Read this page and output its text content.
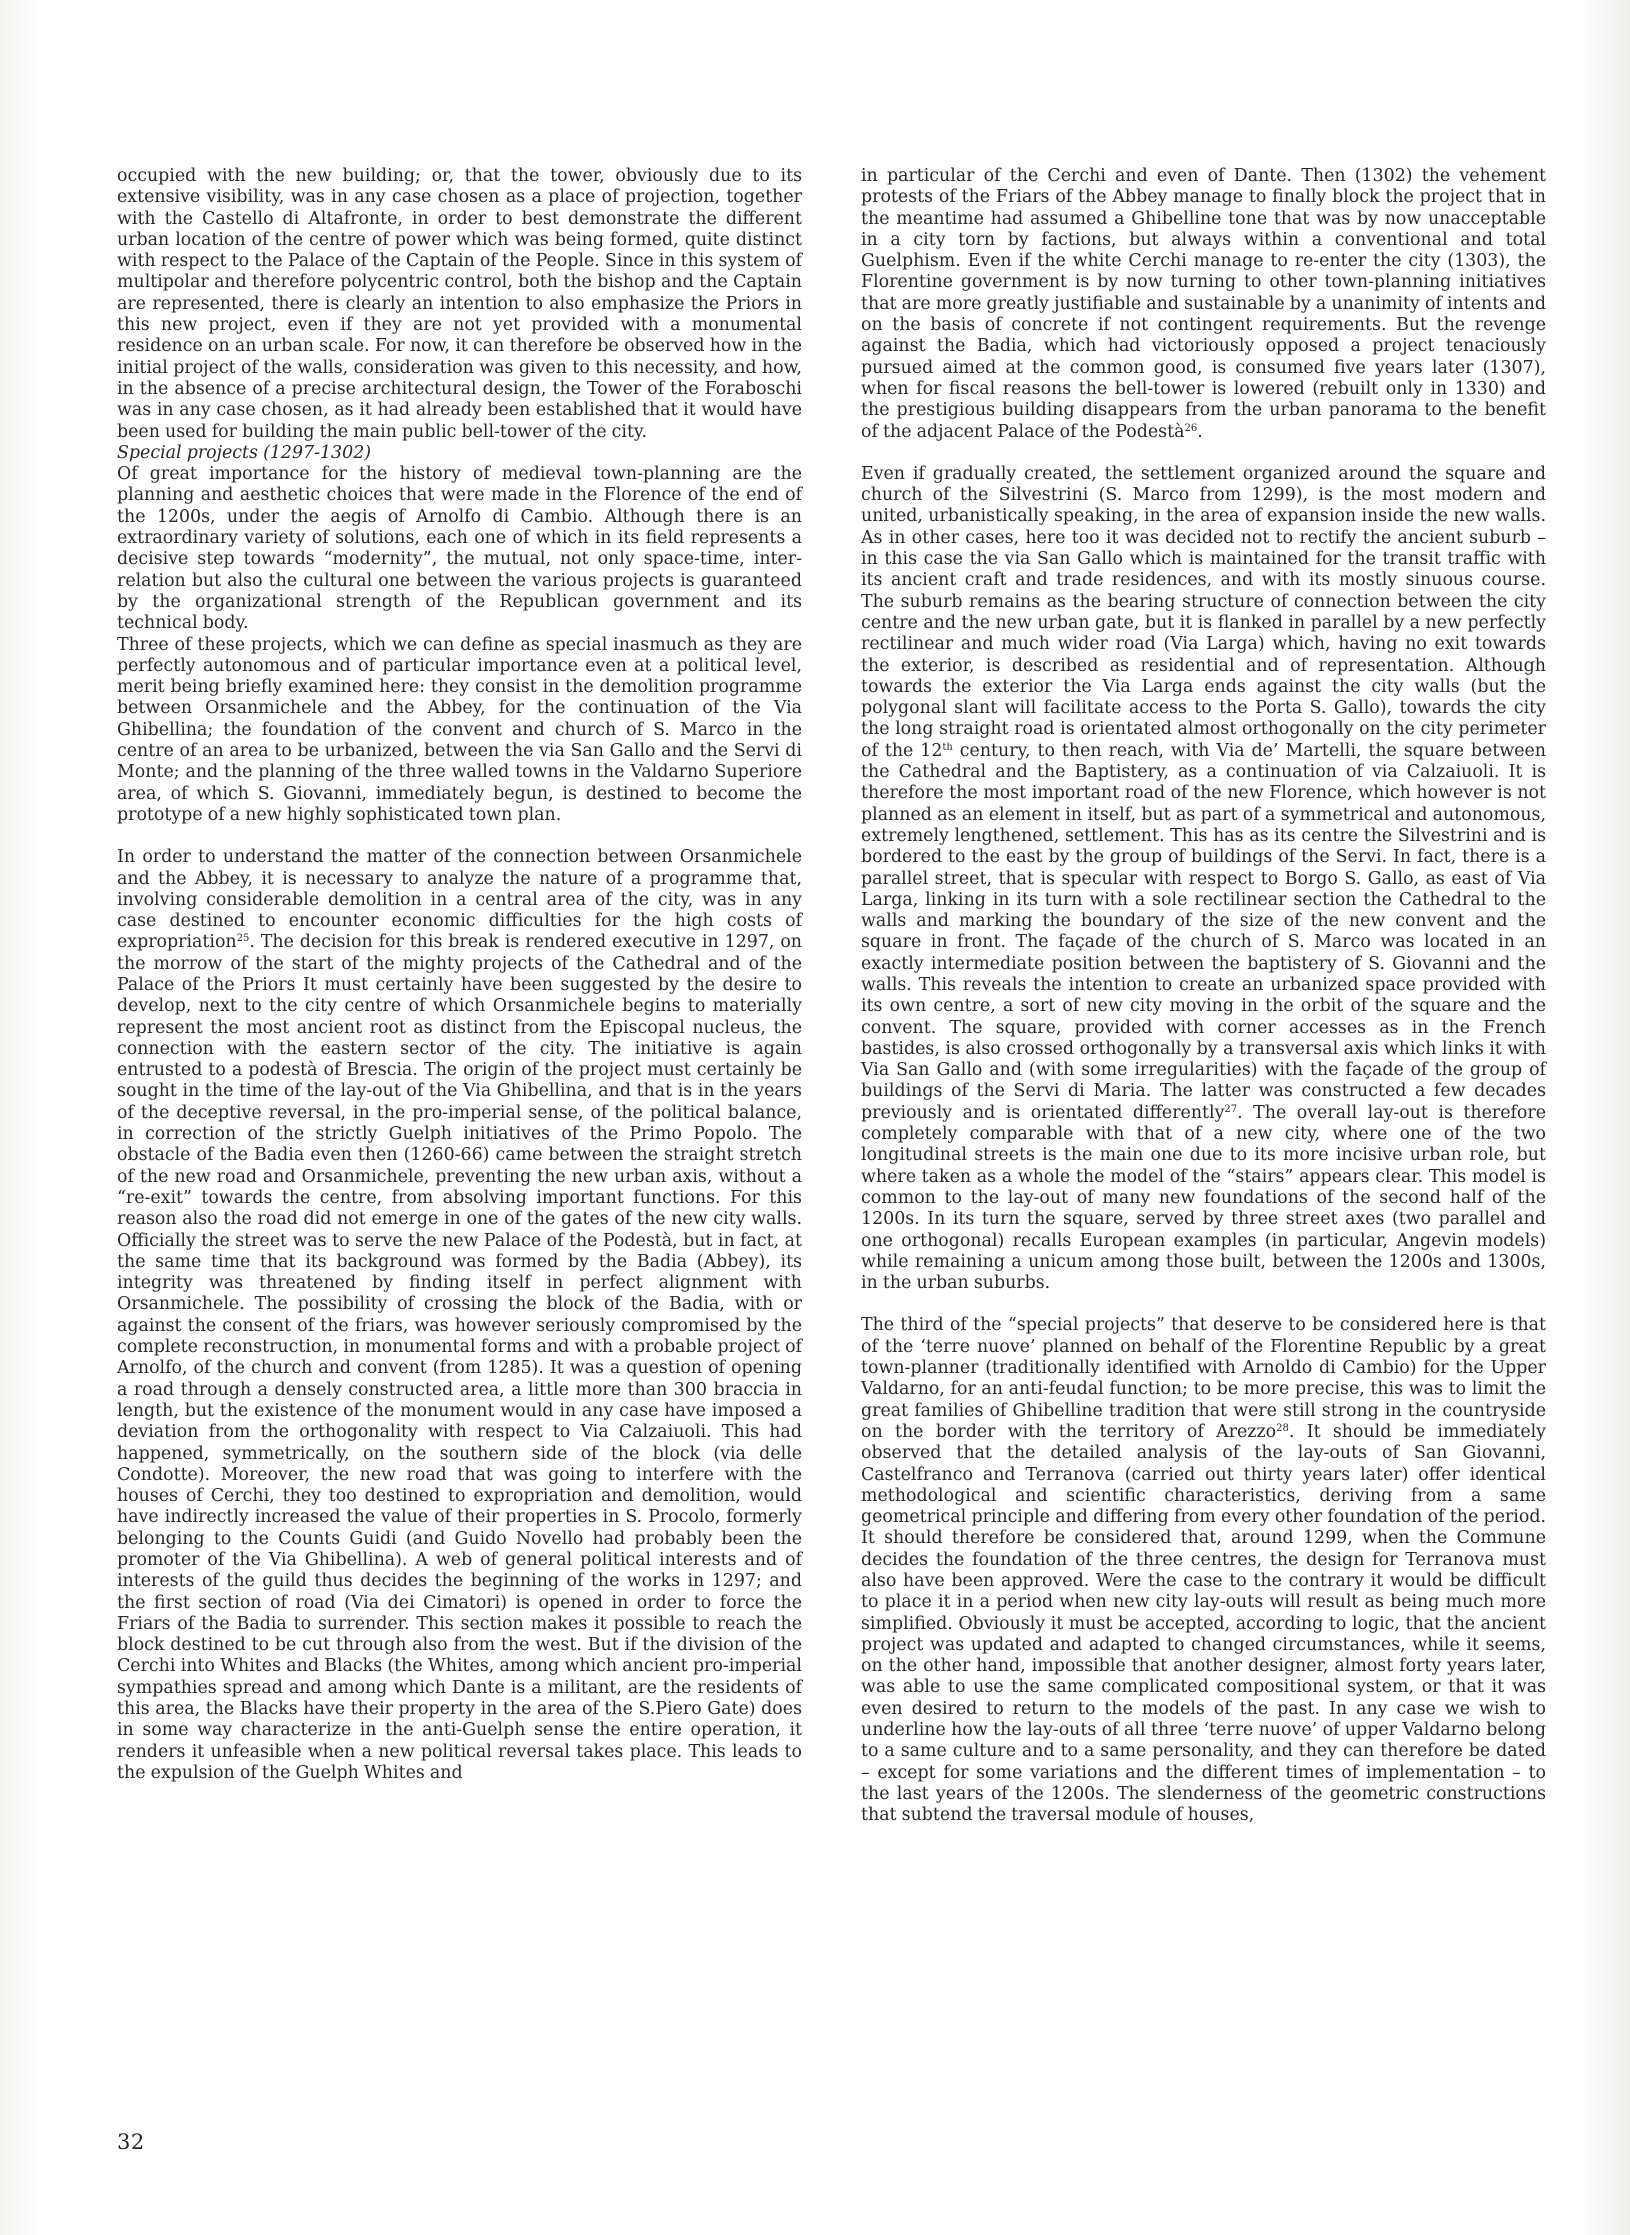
occupied with the new building; or, that the tower, obviously due to its extensive visibility, was in any case chosen as a place of projection, together with the Castello di Altafronte, in order to best demonstrate the different urban location of the centre of power which was being formed, quite distinct with respect to the Palace of the Captain of the People. Since in this system of multipolar and therefore polycentric control, both the bishop and the Captain are represented, there is clearly an intention to also emphasize the Priors in this new project, even if they are not yet provided with a monumental residence on an urban scale. For now, it can therefore be observed how in the initial project of the walls, consideration was given to this necessity, and how, in the absence of a precise architectural design, the Tower of the Foraboschi was in any case chosen, as it had already been established that it would have been used for building the main public bell-tower of the city.

Special projects (1297-1302)

Of great importance for the history of medieval town-planning are the planning and aesthetic choices that were made in the Florence of the end of the 1200s, under the aegis of Arnolfo di Cambio. Although there is an extraordinary variety of solutions, each one of which in its field represents a decisive step towards “modernity”, the mutual, not only space-time, inter-relation but also the cultural one between the various projects is guaranteed by the organizational strength of the Republican government and its technical body.

Three of these projects, which we can define as special inasmuch as they are perfectly autonomous and of particular importance even at a political level, merit being briefly examined here: they consist in the demolition programme between Orsanmichele and the Abbey, for the continuation of the Via Ghibellina; the foundation of the convent and church of S. Marco in the centre of an area to be urbanized, between the via San Gallo and the Servi di Monte; and the planning of the three walled towns in the Valdarno Superiore area, of which S. Giovanni, immediately begun, is destined to become the prototype of a new highly sophisticated town plan.

In order to understand the matter of the connection between Orsanmichele and the Abbey, it is necessary to analyze the nature of a programme that, involving considerable demolition in a central area of the city, was in any case destined to encounter economic difficulties for the high costs of expropriation$^{25}$. The decision for this break is rendered executive in 1297, on the morrow of the start of the mighty projects of the Cathedral and of the Palace of the Priors It must certainly have been suggested by the desire to develop, next to the city centre of which Orsanmichele begins to materially represent the most ancient root as distinct from the Episcopal nucleus, the connection with the eastern sector of the city. The initiative is again entrusted to a podestà of Brescia. The origin of the project must certainly be sought in the time of the lay-out of the Via Ghibellina, and that is in the years of the deceptive reversal, in the pro-imperial sense, of the political balance, in correction of the strictly Guelph initiatives of the Primo Popolo. The obstacle of the Badia even then (1260-66) came between the straight stretch of the new road and Orsanmichele, preventing the new urban axis, without a “re-exit” towards the centre, from absolving important functions. For this reason also the road did not emerge in one of the gates of the new city walls. Officially the street was to serve the new Palace of the Podestà, but in fact, at the same time that its background was formed by the Badia (Abbey), its integrity was threatened by finding itself in perfect alignment with Orsanmichele. The possibility of crossing the block of the Badia, with or against the consent of the friars, was however seriously compromised by the complete reconstruction, in monumental forms and with a probable project of Arnolfo, of the church and convent (from 1285). It was a question of opening a road through a densely constructed area, a little more than 300 braccia in length, but the existence of the monument would in any case have imposed a deviation from the orthogonality with respect to Via Calzaiuoli. This had happened, symmetrically, on the southern side of the block (via delle Condotte). Moreover, the new road that was going to interfere with the houses of Cerchi, they too destined to expropriation and demolition, would have indirectly increased the value of their properties in S. Procolo, formerly belonging to the Counts Guidi (and Guido Novello had probably been the promoter of the Via Ghibellina). A web of general political interests and of interests of the guild thus decides the beginning of the works in 1297; and the first section of road (Via dei Cimatori) is opened in order to force the Friars of the Badia to surrender. This section makes it possible to reach the block destined to be cut through also from the west. But if the division of the Cerchi into Whites and Blacks (the Whites, among which ancient pro-imperial sympathies spread and among which Dante is a militant, are the residents of this area, the Blacks have their property in the area of the S.Piero Gate) does in some way characterize in the anti-Guelph sense the entire operation, it renders it unfeasible when a new political reversal takes place. This leads to the expulsion of the Guelph Whites and

in particular of the Cerchi and even of Dante. Then (1302) the vehement protests of the Friars of the Abbey manage to finally block the project that in the meantime had assumed a Ghibelline tone that was by now unacceptable in a city torn by factions, but always within a conventional and total Guelphism. Even if the white Cerchi manage to re-enter the city (1303), the Florentine government is by now turning to other town-planning initiatives that are more greatly justifiable and sustainable by a unanimity of intents and on the basis of concrete if not contingent requirements. But the revenge against the Badia, which had victoriously opposed a project tenaciously pursued aimed at the common good, is consumed five years later (1307), when for fiscal reasons the bell-tower is lowered (rebuilt only in 1330) and the prestigious building disappears from the urban panorama to the benefit of the adjacent Palace of the Podestà$^{26}$.

Even if gradually created, the settlement organized around the square and church of the Silvestrini (S. Marco from 1299), is the most modern and united, urbanistically speaking, in the area of expansion inside the new walls. As in other cases, here too it was decided not to rectify the ancient suburb – in this case the via San Gallo which is maintained for the transit traffic with its ancient craft and trade residences, and with its mostly sinuous course. The suburb remains as the bearing structure of connection between the city centre and the new urban gate, but it is flanked in parallel by a new perfectly rectilinear and much wider road (Via Larga) which, having no exit towards the exterior, is described as residential and of representation. Although towards the exterior the Via Larga ends against the city walls (but the polygonal slant will facilitate access to the Porta S. Gallo), towards the city the long straight road is orientated almost orthogonally on the city perimeter of the 12th century, to then reach, with Via de’ Martelli, the square between the Cathedral and the Baptistery, as a continuation of via Calzaiuoli. It is therefore the most important road of the new Florence, which however is not planned as an element in itself, but as part of a symmetrical and autonomous, extremely lengthened, settlement. This has as its centre the Silvestrini and is bordered to the east by the group of buildings of the Servi. In fact, there is a parallel street, that is specular with respect to Borgo S. Gallo, as east of Via Larga, linking in its turn with a sole rectilinear section the Cathedral to the walls and marking the boundary of the size of the new convent and the square in front. The façade of the church of S. Marco was located in an exactly intermediate position between the baptistery of S. Giovanni and the walls. This reveals the intention to create an urbanized space provided with its own centre, a sort of new city moving in the orbit of the square and the convent. The square, provided with corner accesses as in the French bastides, is also crossed orthogonally by a transversal axis which links it with Via San Gallo and (with some irregularities) with the façade of the group of buildings of the Servi di Maria. The latter was constructed a few decades previously and is orientated differently$^{27}$. The overall lay-out is therefore completely comparable with that of a new city, where one of the two longitudinal streets is the main one due to its more incisive urban role, but where taken as a whole the model of the “stairs” appears clear. This model is common to the lay-out of many new foundations of the second half of the 1200s. In its turn the square, served by three street axes (two parallel and one orthogonal) recalls European examples (in particular, Angevin models) while remaining a unicum among those built, between the 1200s and 1300s, in the urban suburbs.

The third of the “special projects” that deserve to be considered here is that of the ‘terre nuove’ planned on behalf of the Florentine Republic by a great town-planner (traditionally identified with Arnoldo di Cambio) for the Upper Valdarno, for an anti-feudal function; to be more precise, this was to limit the great families of Ghibelline tradition that were still strong in the countryside on the border with the territory of Arezzo$^{28}$. It should be immediately observed that the detailed analysis of the lay-outs of San Giovanni, Castelfranco and Terranova (carried out thirty years later) offer identical methodological and scientific characteristics, deriving from a same geometrical principle and differing from every other foundation of the period. It should therefore be considered that, around 1299, when the Commune decides the foundation of the three centres, the design for Terranova must also have been approved. Were the case to the contrary it would be difficult to place it in a period when new city lay-outs will result as being much more simplified. Obviously it must be accepted, according to logic, that the ancient project was updated and adapted to changed circumstances, while it seems, on the other hand, impossible that another designer, almost forty years later, was able to use the same complicated compositional system, or that it was even desired to return to the models of the past. In any case we wish to underline how the lay-outs of all three ‘terre nuove’ of upper Valdarno belong to a same culture and to a same personality, and they can therefore be dated – except for some variations and the different times of implementation – to the last years of the 1200s. The slenderness of the geometric constructions that subtend the traversal module of houses,

32
